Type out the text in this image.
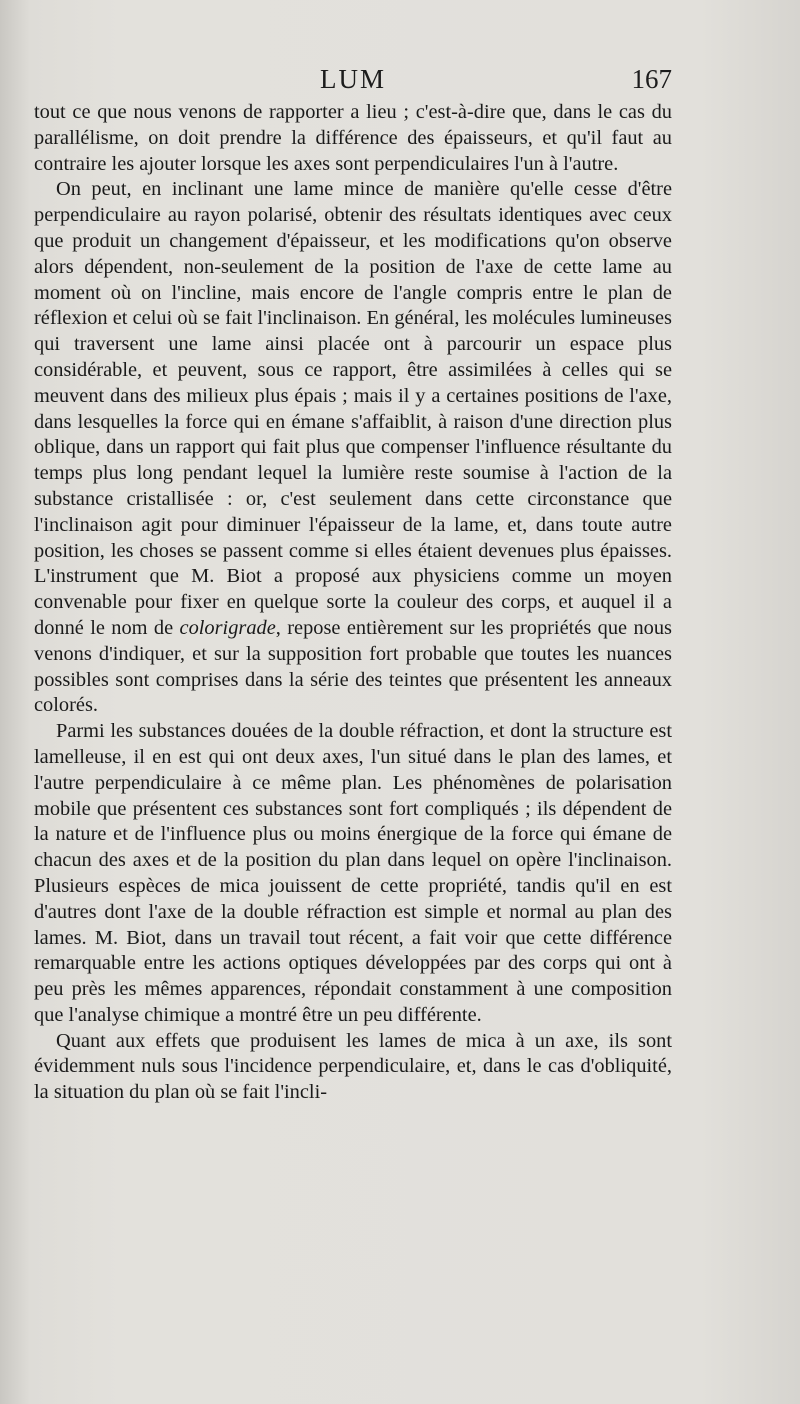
LUM	167

tout ce que nous venons de rapporter a lieu ; c'est-à-dire que, dans le cas du parallélisme, on doit prendre la différence des épaisseurs, et qu'il faut au contraire les ajouter lorsque les axes sont perpendiculaires l'un à l'autre.

On peut, en inclinant une lame mince de manière qu'elle cesse d'être perpendiculaire au rayon polarisé, obtenir des résultats identiques avec ceux que produit un changement d'épaisseur, et les modifications qu'on observe alors dépendent, non-seulement de la position de l'axe de cette lame au moment où on l'incline, mais encore de l'angle compris entre le plan de réflexion et celui où se fait l'inclinaison. En général, les molécules lumineuses qui traversent une lame ainsi placée ont à parcourir un espace plus considérable, et peuvent, sous ce rapport, être assimilées à celles qui se meuvent dans des milieux plus épais ; mais il y a certaines positions de l'axe, dans lesquelles la force qui en émane s'affaiblit, à raison d'une direction plus oblique, dans un rapport qui fait plus que compenser l'influence résultante du temps plus long pendant lequel la lumière reste soumise à l'action de la substance cristallisée : or, c'est seulement dans cette circonstance que l'inclinaison agit pour diminuer l'épaisseur de la lame, et, dans toute autre position, les choses se passent comme si elles étaient devenues plus épaisses. L'instrument que M. Biot a proposé aux physiciens comme un moyen convenable pour fixer en quelque sorte la couleur des corps, et auquel il a donné le nom de colorigrade, repose entièrement sur les propriétés que nous venons d'indiquer, et sur la supposition fort probable que toutes les nuances possibles sont comprises dans la série des teintes que présentent les anneaux colorés.

Parmi les substances douées de la double réfraction, et dont la structure est lamelleuse, il en est qui ont deux axes, l'un situé dans le plan des lames, et l'autre perpendiculaire à ce même plan. Les phénomènes de polarisation mobile que présentent ces substances sont fort compliqués ; ils dépendent de la nature et de l'influence plus ou moins énergique de la force qui émane de chacun des axes et de la position du plan dans lequel on opère l'inclinaison. Plusieurs espèces de mica jouissent de cette propriété, tandis qu'il en est d'autres dont l'axe de la double réfraction est simple et normal au plan des lames. M. Biot, dans un travail tout récent, a fait voir que cette différence remarquable entre les actions optiques développées par des corps qui ont à peu près les mêmes apparences, répondait constamment à une composition que l'analyse chimique a montré être un peu différente.

Quant aux effets que produisent les lames de mica à un axe, ils sont évidemment nuls sous l'incidence perpendiculaire, et, dans le cas d'obliquité, la situation du plan où se fait l'incli-
